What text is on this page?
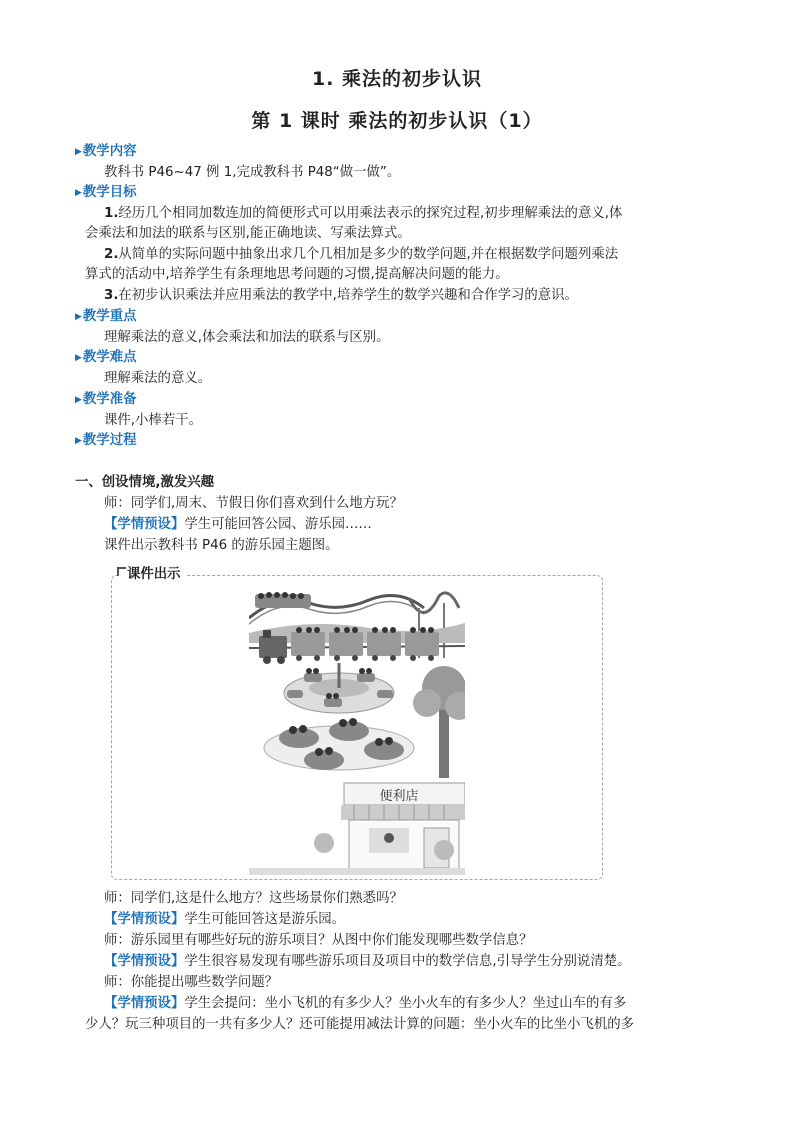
1. 乘法的初步认识
第 1 课时 乘法的初步认识（1）
▶教学内容
教科书 P46~47 例 1,完成教科书 P48“做一做”。
▶教学目标
1.经历几个相同加数连加的简便形式可以用乘法表示的探究过程,初步理解乘法的意义,体
会乘法和加法的联系与区别,能正确地读、写乘法算式。
2.从简单的实际问题中抽象出求几个几相加是多少的数学问题,并在根据数学问题列乘法
算式的活动中,培养学生有条理地思考问题的习惯,提高解决问题的能力。
3.在初步认识乘法并应用乘法的教学中,培养学生的数学兴趣和合作学习的意识。
▶教学重点
理解乘法的意义,体会乘法和加法的联系与区别。
▶教学难点
理解乘法的意义。
▶教学准备
课件,小棒若干。
▶教学过程
一、创设情境,激发兴趣
师：同学们,周末、节假日你们喜欢到什么地方玩？
【学情预设】学生可能回答公园、游乐园……
课件出示教科书 P46 的游乐园主题图。
课件出示
便利店
师：同学们,这是什么地方？这些场景你们熟悉吗？
【学情预设】学生可能回答这是游乐园。
师：游乐园里有哪些好玩的游乐项目？从图中你们能发现哪些数学信息？
【学情预设】学生很容易发现有哪些游乐项目及项目中的数学信息,引导学生分别说清楚。
师：你能提出哪些数学问题？
【学情预设】学生会提问：坐小飞机的有多少人？坐小火车的有多少人？坐过山车的有多
少人？玩三种项目的一共有多少人？还可能提用减法计算的问题：坐小火车的比坐小飞机的多
